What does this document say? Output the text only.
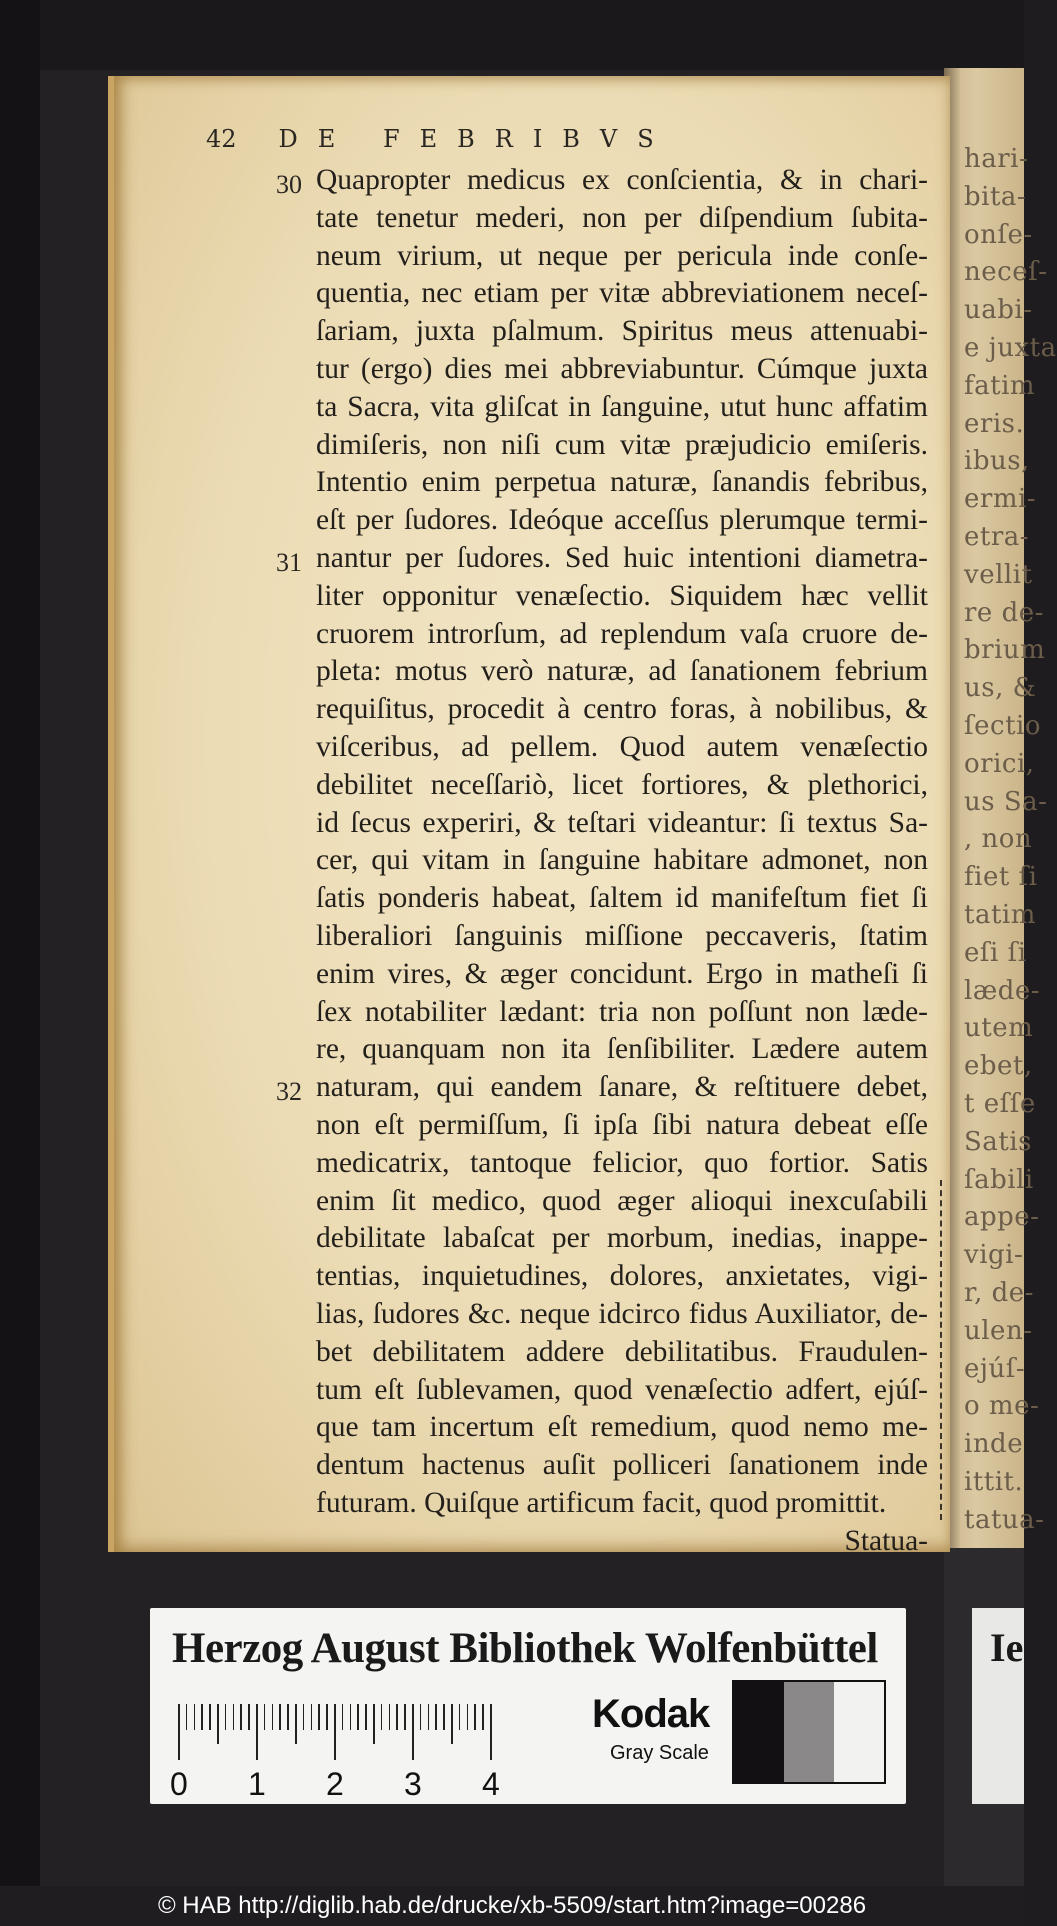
hari-
bita-
onſe-
neceſ-
uabi-
e juxta
fatim
eris.
ibus,
ermi-
etra-
vellit
re de-
brium
us, &
ſectio
orici,
us Sa-
, non
fiet ſi
tatim
eſi ſi
læde-
utem
ebet,
t eſſe
Satis
ſabili
appe-
vigi-
r, de-
ulen-
ejúſ-
o me-
inde
ittit.
tatua-
42 DE FEBRIBVS
30
31
32
Quapropter medicus ex conſcientia, & in chari-
tate tenetur mederi, non per diſpendium ſubita-
neum virium, ut neque per pericula inde conſe-
quentia, nec etiam per vitæ abbreviationem neceſ-
ſariam, juxta pſalmum. Spiritus meus attenuabi-
tur (ergo) dies mei abbreviabuntur. Cúmque juxta
ta Sacra, vita gliſcat in ſanguine, utut hunc affatim
dimiſeris, non niſi cum vitæ præjudicio emiſeris.
Intentio enim perpetua naturæ, ſanandis febribus,
eſt per ſudores. Ideóque acceſſus plerumque termi-
nantur per ſudores. Sed huic intentioni diametra-
liter opponitur venæſectio. Siquidem hæc vellit
cruorem introrſum, ad replendum vaſa cruore de-
pleta: motus verò naturæ, ad ſanationem febrium
requiſitus, procedit à centro foras, à nobilibus, &
viſceribus, ad pellem. Quod autem venæſectio
debilitet neceſſariò, licet fortiores, & plethorici,
id ſecus experiri, & teſtari videantur: ſi textus Sa-
cer, qui vitam in ſanguine habitare admonet, non
ſatis ponderis habeat, ſaltem id manifeſtum fiet ſi
liberaliori ſanguinis miſſione peccaveris, ſtatim
enim vires, & æger concidunt. Ergo in matheſi ſi
ſex notabiliter lædant: tria non poſſunt non læde-
re, quanquam non ita ſenſibiliter. Lædere autem
naturam, qui eandem ſanare, & reſtituere debet,
non eſt permiſſum, ſi ipſa ſibi natura debeat eſſe
medicatrix, tantoque felicior, quo fortior. Satis
enim ſit medico, quod æger alioqui inexcuſabili
debilitate labaſcat per morbum, inedias, inappe-
tentias, inquietudines, dolores, anxietates, vigi-
lias, ſudores &c. neque idcirco fidus Auxiliator, de-
bet debilitatem addere debilitatibus. Fraudulen-
tum eſt ſublevamen, quod venæſectio adfert, ejúſ-
que tam incertum eſt remedium, quod nemo me-
dentum hactenus auſit polliceri ſanationem inde
futuram. Quiſque artificum facit, quod promittit.
Statua-
Herzog August Bibliothek Wolfenbüttel
0 1 2 3 4
Kodak
Gray Scale
Ie
© HAB http://diglib.hab.de/drucke/xb-5509/start.htm?image=00286
